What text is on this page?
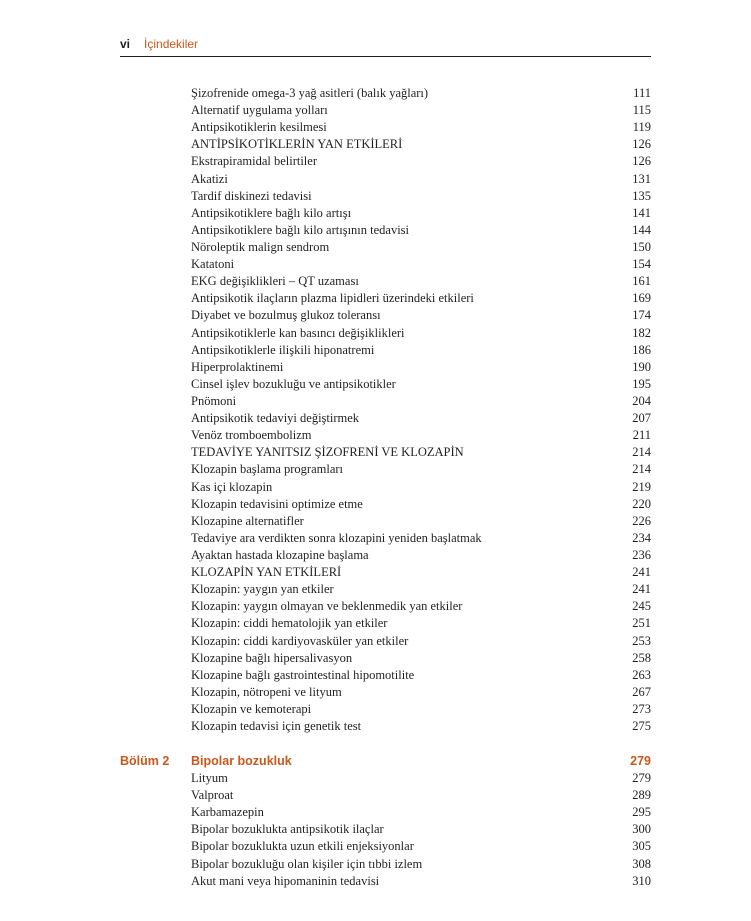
vi İçindekiler
Şizofrenide omega-3 yağ asitleri (balık yağları)	111
Alternatif uygulama yolları	115
Antipsikotiklerin kesilmesi	119
ANTİPSİKOTİKLERİN YAN ETKİLERİ	126
Ekstrapiramidal belirtiler	126
Akatizi	131
Tardif diskinezi tedavisi	135
Antipsikotiklere bağlı kilo artışı	141
Antipsikotiklere bağlı kilo artışının tedavisi	144
Nöroleptik malign sendrom	150
Katatoni	154
EKG değişiklikleri – QT uzaması	161
Antipsikotik ilaçların plazma lipidleri üzerindeki etkileri	169
Diyabet ve bozulmuş glukoz toleransı	174
Antipsikotiklerle kan basıncı değişiklikleri	182
Antipsikotiklerle ilişkili hiponatremi	186
Hiperprolaktinemi	190
Cinsel işlev bozukluğu ve antipsikotikler	195
Pnömoni	204
Antipsikotik tedaviyi değiştirmek	207
Venöz tromboembolizm	211
TEDAVİYE YANITSIZ ŞİZOFRENİ VE KLOZAPİN	214
Klozapin başlama programları	214
Kas içi klozapin	219
Klozapin tedavisini optimize etme	220
Klozapine alternatifler	226
Tedaviye ara verdikten sonra klozapini yeniden başlatmak	234
Ayaktan hastada klozapine başlama	236
KLOZAPİN YAN ETKİLERİ	241
Klozapin: yaygın yan etkiler	241
Klozapin: yaygın olmayan ve beklenmedik yan etkiler	245
Klozapin: ciddi hematolojik yan etkiler	251
Klozapin: ciddi kardiyovasküler yan etkiler	253
Klozapine bağlı hipersalivasyon	258
Klozapine bağlı gastrointestinal hipomotilite	263
Klozapin, nötropeni ve lityum	267
Klozapin ve kemoterapi	273
Klozapin tedavisi için genetik test	275
Bölüm 2 Bipolar bozukluk	279
Lityum	279
Valproat	289
Karbamazepin	295
Bipolar bozuklukta antipsikotik ilaçlar	300
Bipolar bozuklukta uzun etkili enjeksiyonlar	305
Bipolar bozukluğu olan kişiler için tıbbi izlem	308
Akut mani veya hipomaninin tedavisi	310
